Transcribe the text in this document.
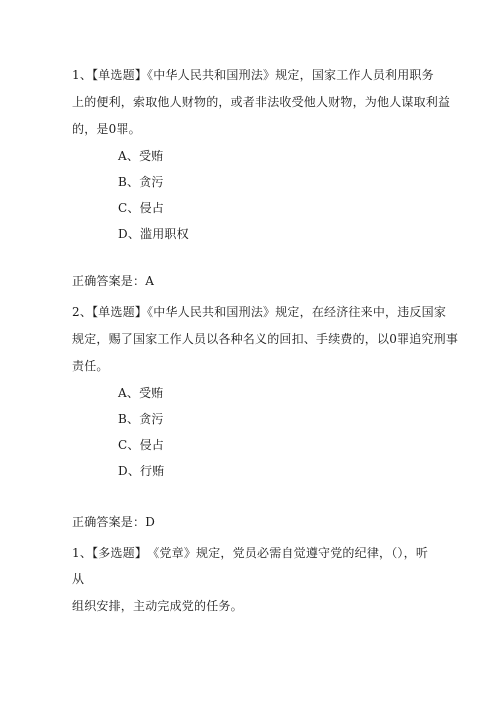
1、【单选题】《中华人民共和国刑法》规定，国家工作人员利用职务
上的便利，索取他人财物的，或者非法收受他人财物，为他人谋取利益
的，是0罪。
A、受贿
B、贪污
C、侵占
D、滥用职权
正确答案是：A
2、【单选题】《中华人民共和国刑法》规定，在经济往来中，违反国家
规定，赐了国家工作人员以各种名义的回扣、手续费的，以0罪追究刑事
责任。
A、受贿
B、贪污
C、侵占
D、行贿
正确答案是：D
1、【多选题】　《党章》规定，党员必需自觉遵守党的纪律，（），听
从
组织安排，主动完成党的任务。
